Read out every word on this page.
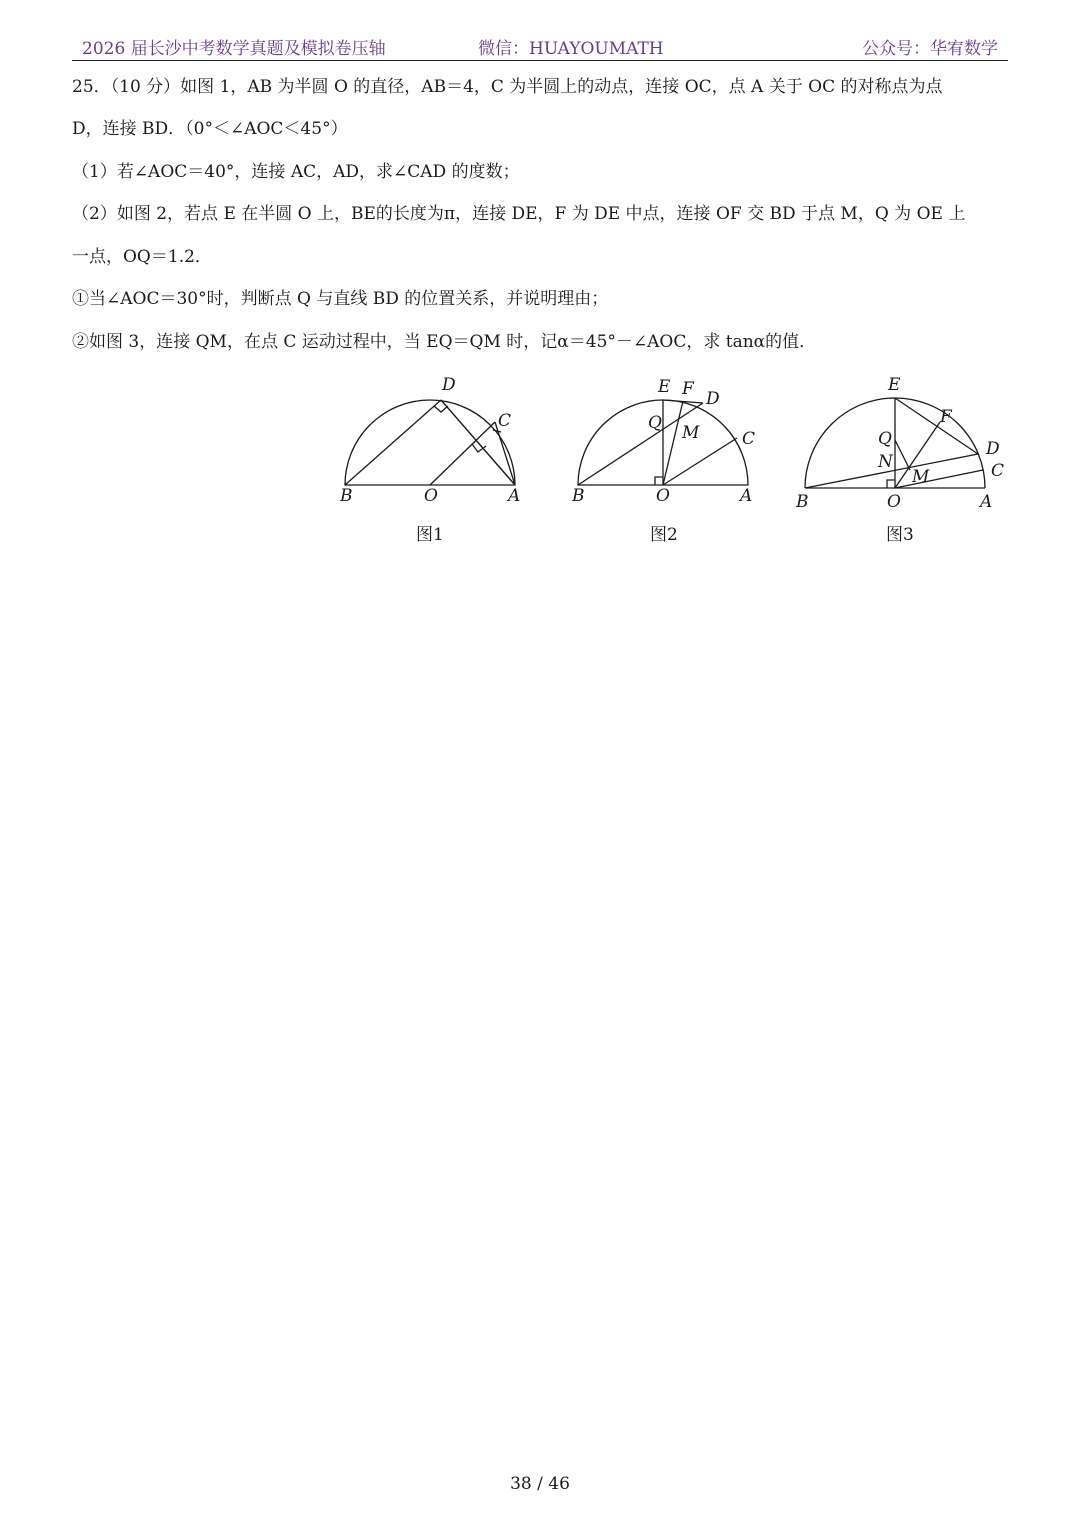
2026 届长沙中考数学真题及模拟卷压轴	微信：HUAYOUMATH	公众号：华宥数学
25．（10 分）如图 1，AB 为半圆 O 的直径，AB＝4，C 为半圆上的动点，连接 OC，点 A 关于 OC 的对称点为点
D，连接 BD．（0°＜∠AOC＜45°）
（1）若∠AOC＝40°，连接 AC，AD，求∠CAD 的度数；
（2）如图 2，若点 E 在半圆 O 上，BE的长度为π，连接 DE，F 为 DE 中点，连接 OF 交 BD 于点 M，Q 为 OE 上
一点，OQ＝1.2．
①当∠AOC＝30°时，判断点 Q 与直线 BD 的位置关系，并说明理由；
②如图 3，连接 QM，在点 C 运动过程中，当 EQ＝QM 时，记α＝45°－∠AOC，求 tanα的值．
D
C
B	O	A
图1
E F D
Q M	C
B	O	A
图2
E
F
Q
N
D
M	C
B	O	A
图3
38 / 46
